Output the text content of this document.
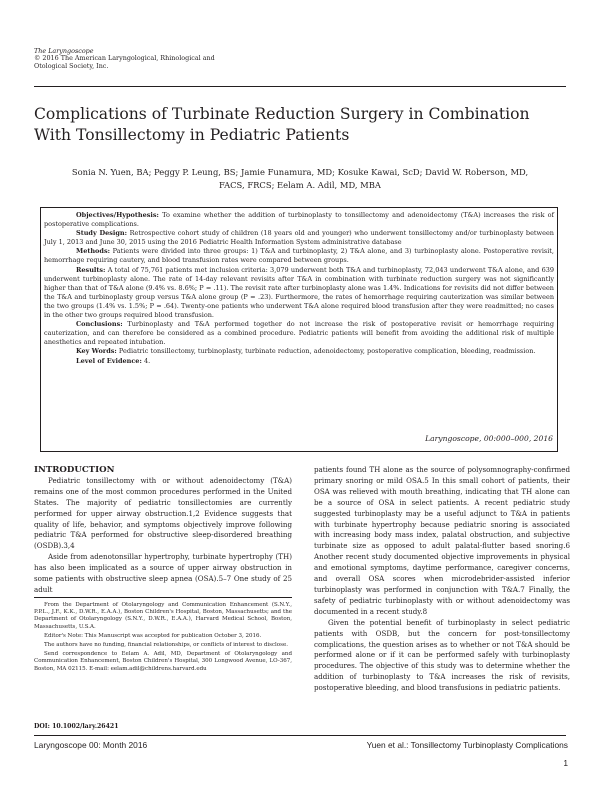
The Laryngoscope
© 2016 The American Laryngological, Rhinological and Otological Society, Inc.
Complications of Turbinate Reduction Surgery in Combination With Tonsillectomy in Pediatric Patients
Sonia N. Yuen, BA; Peggy P. Leung, BS; Jamie Funamura, MD; Kosuke Kawai, ScD; David W. Roberson, MD, FACS, FRCS; Eelam A. Adil, MD, MBA

Objectives/Hypothesis: To examine whether the addition of turbinoplasty to tonsillectomy and adenoidectomy (T&A) increases the risk of postoperative complications.

Study Design: Retrospective cohort study of children (18 years old and younger) who underwent tonsillectomy and/or turbinoplasty between July 1, 2013 and June 30, 2015 using the 2016 Pediatric Health Information System administrative database

Methods: Patients were divided into three groups: 1) T&A and turbinoplasty, 2) T&A alone, and 3) turbinoplasty alone. Postoperative revisit, hemorrhage requiring cautery, and blood transfusion rates were compared between groups.

Results: A total of 75,761 patients met inclusion criteria: 3,079 underwent both T&A and turbinoplasty, 72,043 underwent T&A alone, and 639 underwent turbinoplasty alone. The rate of 14-day relevant revisits after T&A in combination with turbinate reduction surgery was not significantly higher than that of T&A alone (9.4% vs. 8.6%; P = .11). The revisit rate after turbinoplasty alone was 1.4%. Indications for revisits did not differ between the T&A and turbinoplasty group versus T&A alone group (P = .23). Furthermore, the rates of hemorrhage requiring cauterization was similar between the two groups (1.4% vs. 1.5%; P = .64). Twenty-one patients who underwent T&A alone required blood transfusion after they were readmitted; no cases in the other two groups required blood transfusion.

Conclusions: Turbinoplasty and T&A performed together do not increase the risk of postoperative revisit or hemorrhage requiring cauterization, and can therefore be considered as a combined procedure. Pediatric patients will benefit from avoiding the additional risk of multiple anesthetics and repeated intubation.

Key Words: Pediatric tonsillectomy, turbinoplasty, turbinate reduction, adenoidectomy, postoperative complication, bleeding, readmission.

Level of Evidence: 4.

Laryngoscope, 00:000–000, 2016

INTRODUCTION

Pediatric tonsillectomy with or without adenoidectomy (T&A) remains one of the most common procedures performed in the United States. The majority of pediatric tonsillectomies are currently performed for upper airway obstruction.1,2 Evidence suggests that quality of life, behavior, and symptoms objectively improve following pediatric T&A performed for obstructive sleep-disordered breathing (OSDB).3,4

Aside from adenotonsillar hypertrophy, turbinate hypertrophy (TH) has also been implicated as a source of upper airway obstruction in some patients with obstructive sleep apnea (OSA).5–7 One study of 25 adult

From the Department of Otolaryngology and Communication Enhancement (S.N.Y., P.P.L., J.F., K.K., D.W.R., E.A.A.), Boston Children's Hospital, Boston, Massachusetts; and the Department of Otolaryngology (S.N.Y., D.W.R., E.A.A.), Harvard Medical School, Boston, Massachusetts, U.S.A.

Editor's Note: This Manuscript was accepted for publication October 3, 2016.

The authors have no funding, financial relationships, or conflicts of interest to disclose.

Send correspondence to Eelam A. Adil, MD, Department of Otolaryngology and Communication Enhancement, Boston Children's Hospital, 300 Longwood Avenue, LO-367, Boston, MA 02115. E-mail: eelam.adil@childrens.harvard.edu

DOI: 10.1002/lary.26421

patients found TH alone as the source of polysomnography-confirmed primary snoring or mild OSA.5 In this small cohort of patients, their OSA was relieved with mouth breathing, indicating that TH alone can be a source of OSA in select patients. A recent pediatric study suggested turbinoplasty may be a useful adjunct to T&A in patients with turbinate hypertrophy because pediatric snoring is associated with increasing body mass index, palatal obstruction, and subjective turbinate size as opposed to adult palatal-flutter based snoring.6 Another recent study documented objective improvements in physical and emotional symptoms, daytime performance, caregiver concerns, and overall OSA scores when microdebrider-assisted inferior turbinoplasty was performed in conjunction with T&A.7 Finally, the safety of pediatric turbinoplasty with or without adenoidectomy was documented in a recent study.8

Given the potential benefit of turbinoplasty in select pediatric patients with OSDB, but the concern for post-tonsillectomy complications, the question arises as to whether or not T&A should be performed alone or if it can be performed safely with turbinoplasty procedures. The objective of this study was to determine whether the addition of turbinoplasty to T&A increases the risk of revisits, postoperative bleeding, and blood transfusions in pediatric patients.

Laryngoscope 00: Month 2016	Yuen et al.: Tonsillectomy Turbinoplasty Complications
1
